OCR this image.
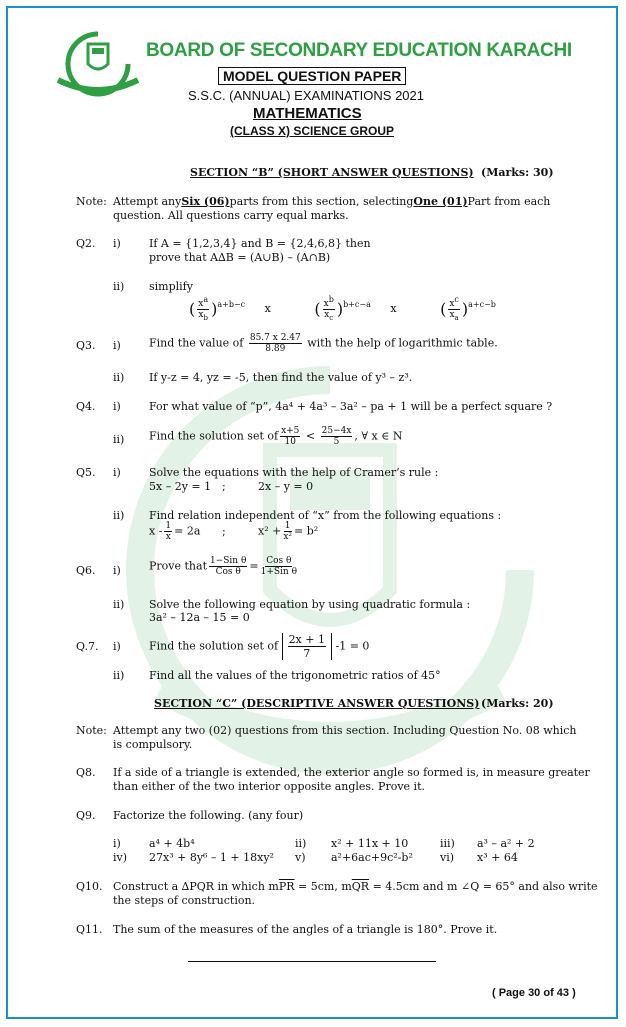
BOARD OF SECONDARY EDUCATION KARACHI
MODEL QUESTION PAPER
S.S.C. (ANNUAL) EXAMINATIONS 2021
MATHEMATICS
(CLASS X) SCIENCE GROUP
SECTION “B” (SHORT ANSWER QUESTIONS) (Marks: 30)
Note: Attempt any Six (06) parts from this section, selecting One (01) Part from each
question. All questions carry equal marks.
Q2. i)	If A = {1,2,3,4} and B = {2,4,6,8} then
prove that A∆B = (A∪B) – (A∩B)
ii) simplify
( $\frac{xa}{x_b} )^{a+b-c}$ x	( $\frac{xb}{x_c} )^{b+c-a}$ x	( $\frac{xc}{x_a} )^{a+c-b}$
Q3. i)	Find the value of $\frac{85.7 x 2.47}{8.89}$ with the help of logarithmic table.
ii) If y-z = 4, yz = -5, then find the value of y³ – z³.
Q4. i)	For what value of “p”, 4a⁴ + 4a³ – 3a² – pa + 1 will be a perfect square ?
ii) Find the solution set of $\frac{x+5}{10} < \frac{25-4x}{5}$ , ∀ x ∈ N
Q5. i)	Solve the equations with the help of Cramer’s rule :
5x – 2y = 1 ;	2x – y = 0
ii) Find relation independent of “x” from the following equations :
$x - \frac{1}{x} = 2a$ ;	$x^2 + \frac{1}{\text{x²}} = b^2$
Q6. i)	Prove that $\frac{\text{1−Sin θ}}{\text{Cos θ}} = \frac{\text{Cos θ}}{\text{1+Sin θ}}$
ii) Solve the following equation by using quadratic formula :
3a² – 12a – 15 = 0
Q.7. i)	Find the solution set of $\frac{2x + 1}{7} -1 = 0$
ii) Find all the values of the trigonometric ratios of 45°
SECTION “C” (DESCRIPTIVE ANSWER QUESTIONS) (Marks: 20)
Note: Attempt any two (02) questions from this section. Including Question No. 08 which
is compulsory.
Q8. If a side of a triangle is extended, the exterior angle so formed is, in measure greater
than either of the two interior opposite angles. Prove it.
Q9. Factorize the following. (any four)
i)	a⁴ + 4b⁴	ii) x² + 11x + 10	iii) a³ – a² + 2
iv) 27x³ + 8y⁶ – 1 + 18xy² v) a²+6ac+9c²-b² vi) x³ + 64
Q10. Construct a ∆PQR in which $m\overline{PR} = 5cm$, $m\overline{QR} = 4.5cm$ and m ∠Q = 65° and also write
the steps of construction.
Q11. The sum of the measures of the angles of a triangle is 180°. Prove it.
( Page 30 of 43 )
